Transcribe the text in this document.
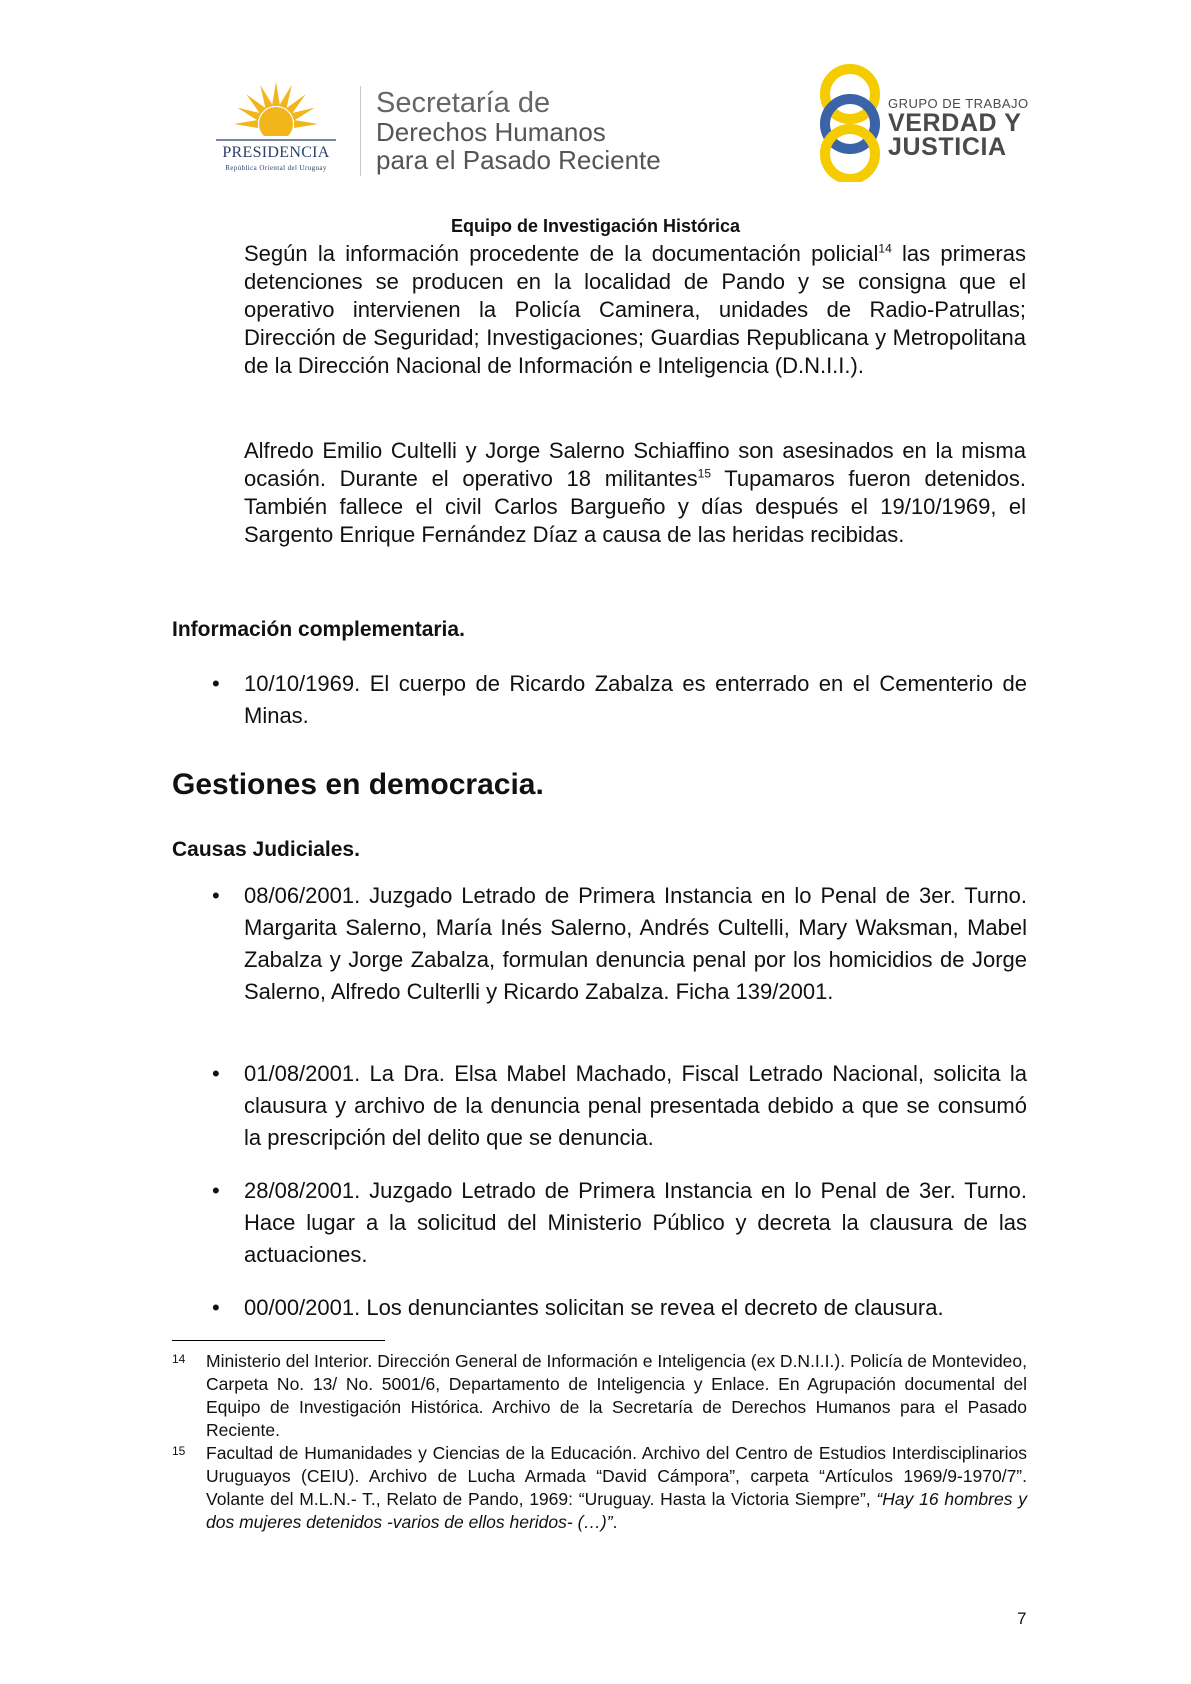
PRESIDENCIA
República Oriental del Uruguay
Secretaría de
Derechos Humanos
para el Pasado Reciente
GRUPO DE TRABAJO
VERDAD Y
JUSTICIA
Equipo de Investigación Histórica
Según la información procedente de la documentación policial$^{14}$ las primeras detenciones se producen en la localidad de Pando y se consigna que el operativo intervienen la Policía Caminera, unidades de Radio-Patrullas; Dirección de Seguridad; Investigaciones; Guardias Republicana y Metropolitana de la Dirección Nacional de Información e Inteligencia (D.N.I.I.).
Alfredo Emilio Cultelli y Jorge Salerno Schiaffino son asesinados en la misma ocasión. Durante el operativo 18 militantes$^{15}$ Tupamaros fueron detenidos. También fallece el civil Carlos Bargueño y días después el 19/10/1969, el Sargento Enrique Fernández Díaz a causa de las heridas recibidas.
Información complementaria.
•	10/10/1969. El cuerpo de Ricardo Zabalza es enterrado en el Cementerio de Minas.
Gestiones en democracia.
Causas Judiciales.
•	08/06/2001. Juzgado Letrado de Primera Instancia en lo Penal de 3er. Turno. Margarita Salerno, María Inés Salerno, Andrés Cultelli, Mary Waksman, Mabel Zabalza y Jorge Zabalza, formulan denuncia penal por los homicidios de Jorge Salerno, Alfredo Culterlli y Ricardo Zabalza. Ficha 139/2001.
•	01/08/2001. La Dra. Elsa Mabel Machado, Fiscal Letrado Nacional, solicita la clausura y archivo de la denuncia penal presentada debido a que se consumó la prescripción del delito que se denuncia.
•	28/08/2001. Juzgado Letrado de Primera Instancia en lo Penal de 3er. Turno. Hace lugar a la solicitud del Ministerio Público y decreta la clausura de las actuaciones.
•	00/00/2001. Los denunciantes solicitan se revea el decreto de clausura.
14 Ministerio del Interior. Dirección General de Información e Inteligencia (ex D.N.I.I.). Policía de Montevideo, Carpeta No. 13/ No. 5001/6, Departamento de Inteligencia y Enlace. En Agrupación documental del Equipo de Investigación Histórica. Archivo de la Secretaría de Derechos Humanos para el Pasado Reciente.
15 Facultad de Humanidades y Ciencias de la Educación. Archivo del Centro de Estudios Interdisciplinarios Uruguayos (CEIU). Archivo de Lucha Armada “David Cámpora”, carpeta “Artículos 1969/9-1970/7”. Volante del M.L.N.- T., Relato de Pando, 1969: “Uruguay. Hasta la Victoria Siempre”, “Hay 16 hombres y dos mujeres detenidos -varios de ellos heridos- (…)”.
7
